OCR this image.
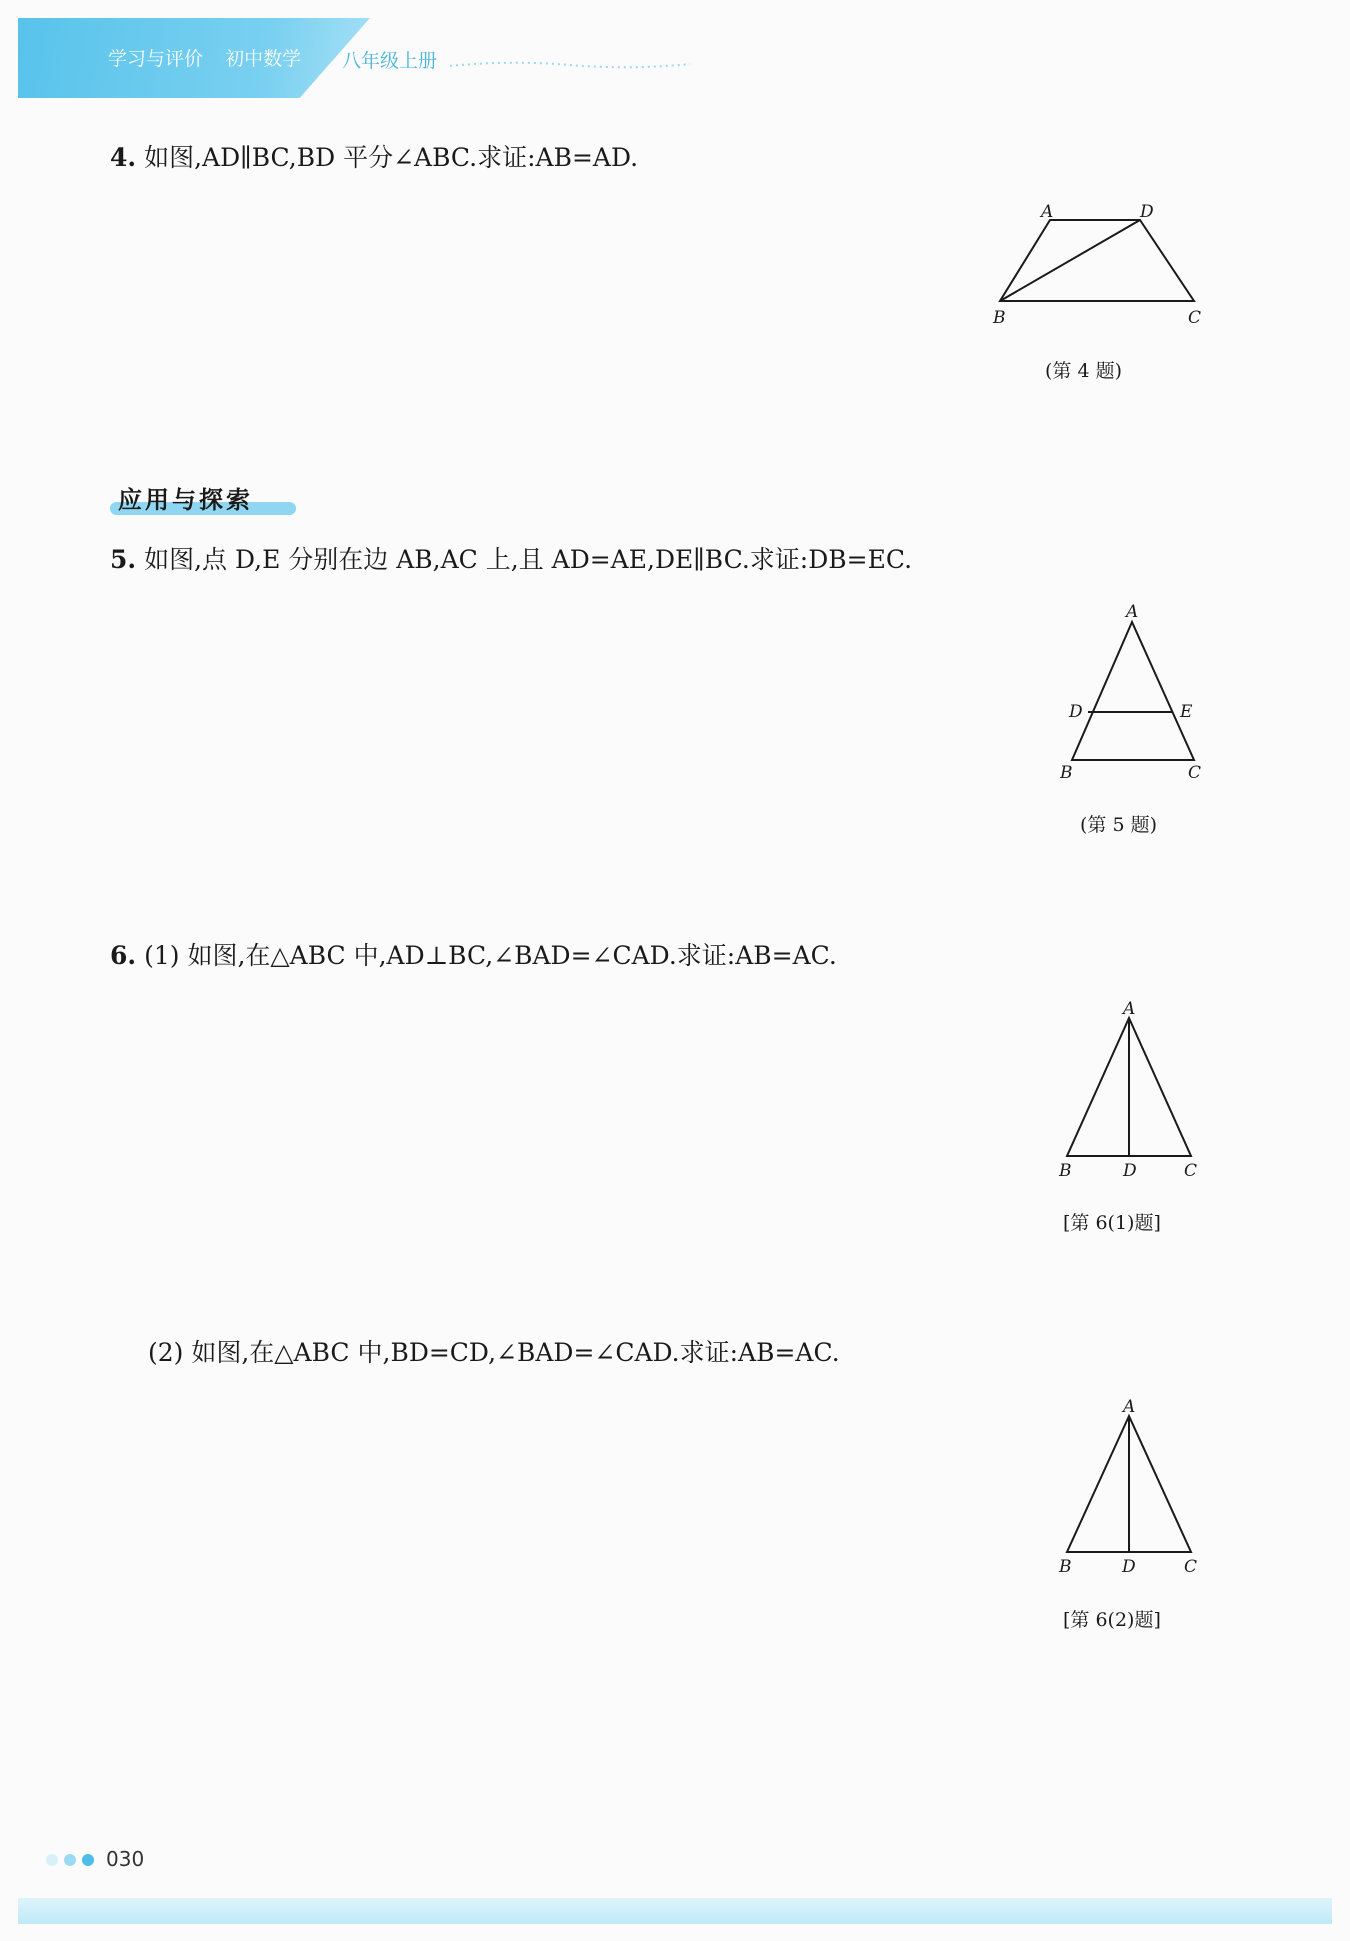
学习与评价 初中数学	八年级上册
4. 如图,AD∥BC,BD 平分∠ABC.求证:AB=AD.
A	D
B	C
(第 4 题)
应用与探索
5. 如图,点 D,E 分别在边 AB,AC 上,且 AD=AE,DE∥BC.求证:DB=EC.
A
D	E
B	C
(第 5 题)
6. (1) 如图,在△ABC 中,AD⊥BC,∠BAD=∠CAD.求证:AB=AC.
A
B	D	C
[第 6(1)题]
(2) 如图,在△ABC 中,BD=CD,∠BAD=∠CAD.求证:AB=AC.
A
B	D	C
[第 6(2)题]
030
